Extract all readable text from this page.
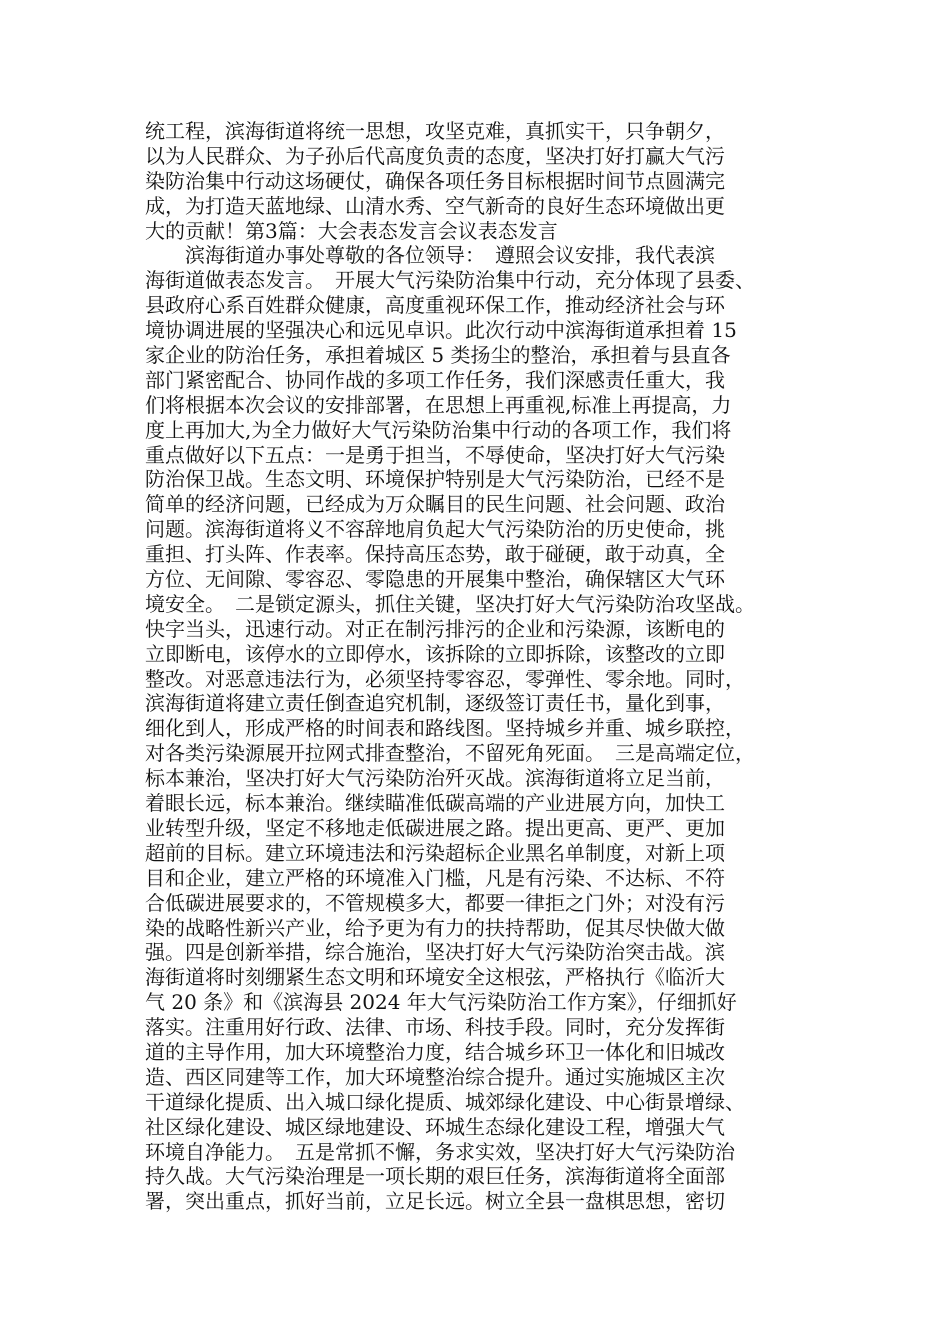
统工程，滨海街道将统一思想，攻坚克难，真抓实干，只争朝夕，
以为人民群众、为子孙后代高度负责的态度，坚决打好打赢大气污
染防治集中行动这场硬仗，确保各项任务目标根据时间节点圆满完
成，为打造天蓝地绿、山清水秀、空气新奇的良好生态环境做出更
大的贡献！第3篇：大会表态发言会议表态发言
　　滨海街道办事处尊敬的各位领导：　遵照会议安排，我代表滨
海街道做表态发言。　开展大气污染防治集中行动，充分体现了县委、
县政府心系百姓群众健康，高度重视环保工作，推动经济社会与环
境协调进展的坚强决心和远见卓识。此次行动中滨海街道承担着 15
家企业的防治任务，承担着城区 5 类扬尘的整治，承担着与县直各
部门紧密配合、协同作战的多项工作任务，我们深感责任重大，我
们将根据本次会议的安排部署，在思想上再重视,标准上再提高，力
度上再加大,为全力做好大气污染防治集中行动的各项工作，我们将
重点做好以下五点：一是勇于担当，不辱使命，坚决打好大气污染
防治保卫战。生态文明、环境保护特别是大气污染防治，已经不是
简单的经济问题，已经成为万众瞩目的民生问题、社会问题、政治
问题。滨海街道将义不容辞地肩负起大气污染防治的历史使命，挑
重担、打头阵、作表率。保持高压态势，敢于碰硬，敢于动真，全
方位、无间隙、零容忍、零隐患的开展集中整治，确保辖区大气环
境安全。　二是锁定源头，抓住关键，坚决打好大气污染防治攻坚战。
快字当头，迅速行动。对正在制污排污的企业和污染源，该断电的
立即断电，该停水的立即停水，该拆除的立即拆除，该整改的立即
整改。对恶意违法行为，必须坚持零容忍，零弹性、零余地。同时，
滨海街道将建立责任倒查追究机制，逐级签订责任书，量化到事，
细化到人，形成严格的时间表和路线图。坚持城乡并重、城乡联控，
对各类污染源展开拉网式排查整治，不留死角死面。　三是高端定位，
标本兼治，坚决打好大气污染防治歼灭战。滨海街道将立足当前，
着眼长远，标本兼治。继续瞄准低碳高端的产业进展方向，加快工
业转型升级，坚定不移地走低碳进展之路。提出更高、更严、更加
超前的目标。建立环境违法和污染超标企业黑名单制度，对新上项
目和企业，建立严格的环境准入门槛，凡是有污染、不达标、不符
合低碳进展要求的，不管规模多大，都要一律拒之门外；对没有污
染的战略性新兴产业，给予更为有力的扶持帮助，促其尽快做大做
强。四是创新举措，综合施治，坚决打好大气污染防治突击战。滨
海街道将时刻绷紧生态文明和环境安全这根弦，严格执行《临沂大
气 20 条》和《滨海县 2024 年大气污染防治工作方案》，仔细抓好
落实。注重用好行政、法律、市场、科技手段。同时，充分发挥街
道的主导作用，加大环境整治力度，结合城乡环卫一体化和旧城改
造、西区同建等工作，加大环境整治综合提升。通过实施城区主次
干道绿化提质、出入城口绿化提质、城郊绿化建设、中心街景增绿、
社区绿化建设、城区绿地建设、环城生态绿化建设工程，增强大气
环境自净能力。　五是常抓不懈，务求实效，坚决打好大气污染防治
持久战。大气污染治理是一项长期的艰巨任务，滨海街道将全面部
署，突出重点，抓好当前，立足长远。树立全县一盘棋思想，密切
